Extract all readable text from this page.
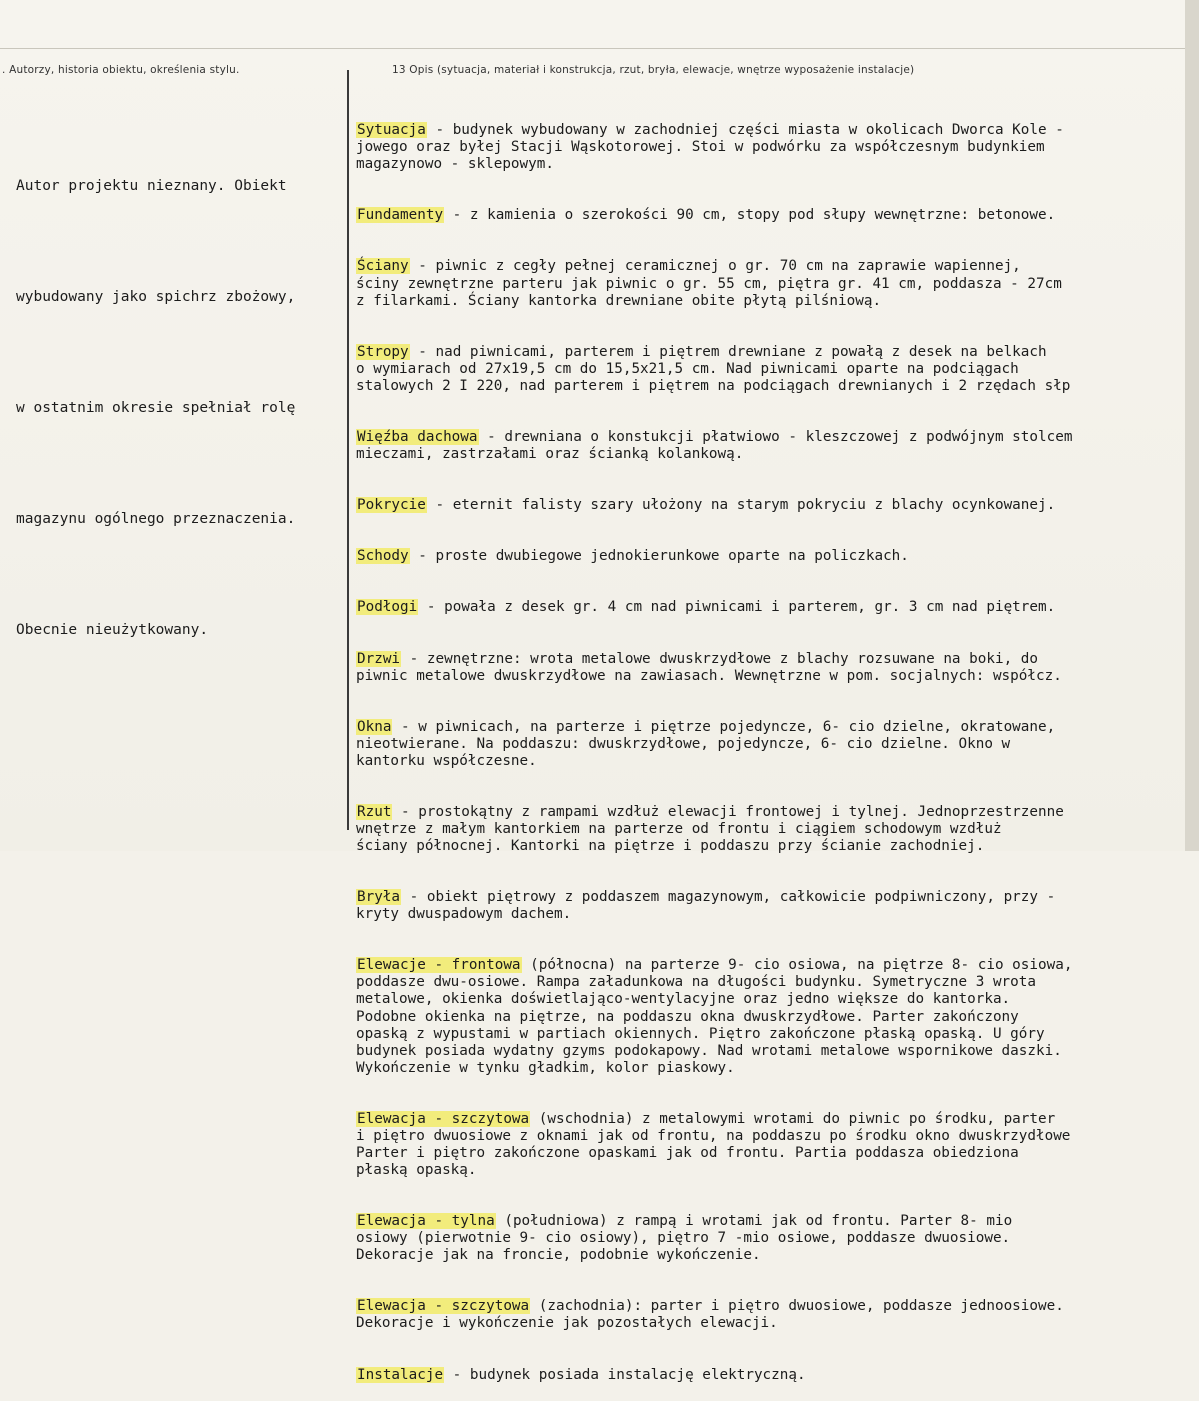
. Autorzy, historia obiektu, określenia stylu.	13 Opis (sytuacja, materiał i konstrukcja, rzut, bryła, elewacje, wnętrze wyposażenie instalacje)

Autor projektu nieznany. Obiekt

wybudowany jako spichrz zbożowy,

w ostatnim okresie spełniał rolę

magazynu ogólnego przeznaczenia.

Obecnie nieużytkowany.

Sytuacja - budynek wybudowany w zachodniej części miasta w okolicach Dworca Kole -
jowego oraz byłej Stacji Wąskotorowej. Stoi w podwórku za współczesnym budynkiem
magazynowo - sklepowym.

Fundamenty - z kamienia o szerokości 90 cm, stopy pod słupy wewnętrzne: betonowe.

Ściany - piwnic z cegły pełnej ceramicznej o gr. 70 cm na zaprawie wapiennej,
ściny zewnętrzne parteru jak piwnic o gr. 55 cm, piętra gr. 41 cm, poddasza - 27cm
z filarkami. Ściany kantorka drewniane obite płytą pilśniową.

Stropy - nad piwnicami, parterem i piętrem drewniane z powałą z desek na belkach
o wymiarach od 27x19,5 cm do 15,5x21,5 cm. Nad piwnicami oparte na podciągach
stalowych 2 I 220, nad parterem i piętrem na podciągach drewnianych i 2 rzędach słp

Więźba dachowa - drewniana o konstukcji płatwiowo - kleszczowej z podwójnym stolcem
mieczami, zastrzałami oraz ścianką kolankową.

Pokrycie - eternit falisty szary ułożony na starym pokryciu z blachy ocynkowanej.

Schody - proste dwubiegowe jednokierunkowe oparte na policzkach.

Podłogi - powała z desek gr. 4 cm nad piwnicami i parterem, gr. 3 cm nad piętrem.

Drzwi - zewnętrzne: wrota metalowe dwuskrzydłowe z blachy rozsuwane na boki, do
piwnic metalowe dwuskrzydłowe na zawiasach. Wewnętrzne w pom. socjalnych: współcz.

Okna - w piwnicach, na parterze i piętrze pojedyncze, 6- cio dzielne, okratowane,
nieotwierane. Na poddaszu: dwuskrzydłowe, pojedyncze, 6- cio dzielne. Okno w
kantorku współczesne.

Rzut - prostokątny z rampami wzdłuż elewacji frontowej i tylnej. Jednoprzestrzenne
wnętrze z małym kantorkiem na parterze od frontu i ciągiem schodowym wzdłuż
ściany północnej. Kantorki na piętrze i poddaszu przy ścianie zachodniej.

Bryła - obiekt piętrowy z poddaszem magazynowym, całkowicie podpiwniczony, przy -
kryty dwuspadowym dachem.

Elewacje - frontowa (północna) na parterze 9- cio osiowa, na piętrze 8- cio osiowa,
poddasze dwu-osiowe. Rampa załadunkowa na długości budynku. Symetryczne 3 wrota
metalowe, okienka doświetlająco-wentylacyjne oraz jedno większe do kantorka.
Podobne okienka na piętrze, na poddaszu okna dwuskrzydłowe. Parter zakończony
opaską z wypustami w partiach okiennych. Piętro zakończone płaską opaską. U góry
budynek posiada wydatny gzyms podokapowy. Nad wrotami metalowe wspornikowe daszki.
Wykończenie w tynku gładkim, kolor piaskowy.

Elewacja - szczytowa (wschodnia) z metalowymi wrotami do piwnic po środku, parter
i piętro dwuosiowe z oknami jak od frontu, na poddaszu po środku okno dwuskrzydłowe
Parter i piętro zakończone opaskami jak od frontu. Partia poddasza obiedziona
płaską opaską.

Elewacja - tylna (południowa) z rampą i wrotami jak od frontu. Parter 8- mio
osiowy (pierwotnie 9- cio osiowy), piętro 7 -mio osiowe, poddasze dwuosiowe.
Dekoracje jak na froncie, podobnie wykończenie.

Elewacja - szczytowa (zachodnia): parter i piętro dwuosiowe, poddasze jednoosiowe.
Dekoracje i wykończenie jak pozostałych elewacji.

Instalacje - budynek posiada instalację elektryczną.
